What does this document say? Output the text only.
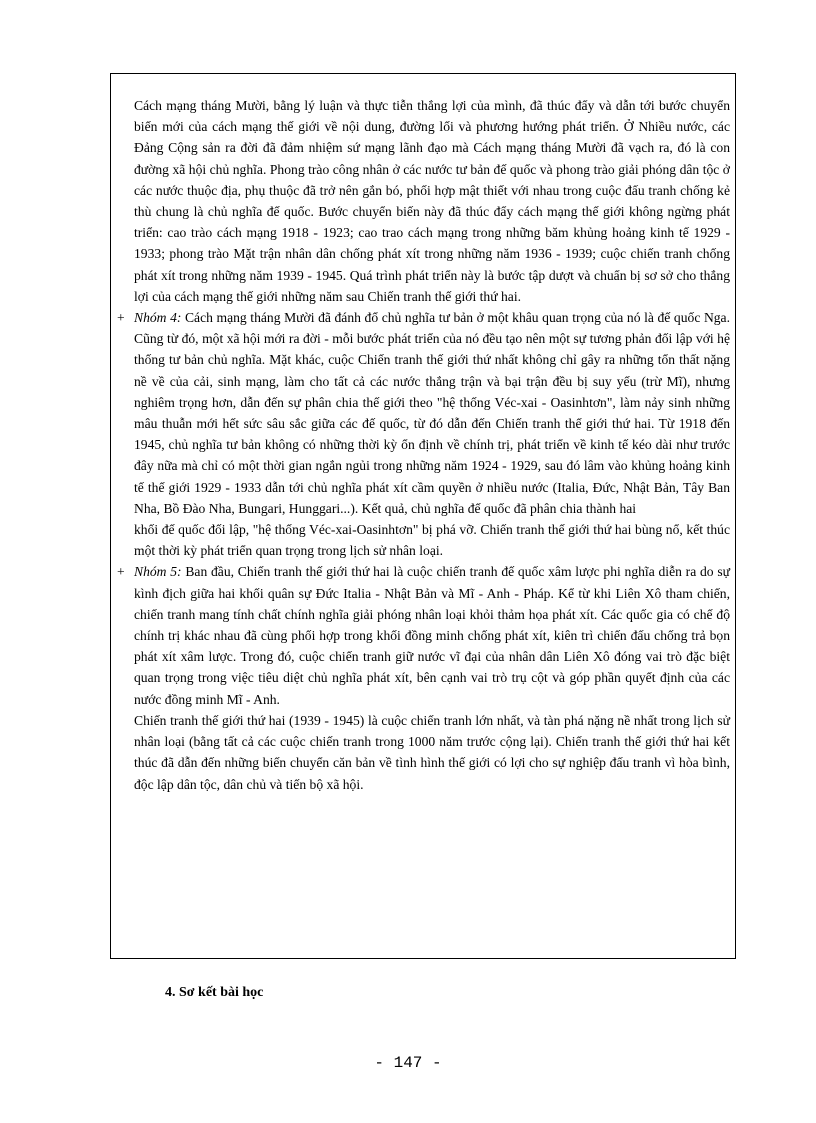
Cách mạng tháng Mười, bằng lý luận và thực tiễn thắng lợi của mình, đã thúc đẩy và dẫn tới bước chuyển biến mới của cách mạng thế giới về nội dung, đường lối và phương hướng phát triển. Ở Nhiều nước, các Đảng Cộng sản ra đời đã đảm nhiệm sứ mạng lãnh đạo mà Cách mạng tháng Mười đã vạch ra, đó là con đường xã hội chủ nghĩa. Phong trào công nhân ở các nước tư bản đế quốc và phong trào giải phóng dân tộc ở các nước thuộc địa, phụ thuộc đã trở nên gắn bó, phối hợp mật thiết với nhau trong cuộc đấu tranh chống kẻ thù chung là chủ nghĩa đế quốc. Bước chuyển biến này đã thúc đẩy cách mạng thế giới không ngừng phát triển: cao trào cách mạng 1918 - 1923; cao trao cách mạng trong những băm khủng hoảng kinh tế 1929 - 1933; phong trào Mặt trận nhân dân chống phát xít trong những năm 1936 - 1939; cuộc chiến tranh chống phát xít trong những năm 1939 - 1945. Quá trình phát triển này là bước tập dượt và chuẩn bị sơ sở cho thắng lợi của cách mạng thế giới những năm sau Chiến tranh thế giới thứ hai.

+ Nhóm 4: Cách mạng tháng Mười đã đánh đổ chủ nghĩa tư bản ở một khâu quan trọng của nó là đế quốc Nga. Cũng từ đó, một xã hội mới ra đời - mỗi bước phát triển của nó đều tạo nên một sự tương phản đối lập với hệ thống tư bản chủ nghĩa. Mặt khác, cuộc Chiến tranh thế giới thứ nhất không chỉ gây ra những tổn thất nặng nề về của cải, sinh mạng, làm cho tất cả các nước thắng trận và bại trận đều bị suy yếu (trừ Mĩ), nhưng nghiêm trọng hơn, dẫn đến sự phân chia thế giới theo "hệ thống Véc-xai - Oasinhtơn", làm nảy sinh những mâu thuẫn mới hết sức sâu sắc giữa các đế quốc, từ đó dẫn đến Chiến tranh thế giới thứ hai. Từ 1918 đến 1945, chủ nghĩa tư bản không có những thời kỳ ổn định về chính trị, phát triển về kinh tế kéo dài như trước đây nữa mà chỉ có một thời gian ngắn ngủi trong những năm 1924 - 1929, sau đó lâm vào khủng hoảng kinh tế thế giới 1929 - 1933 dẫn tới chủ nghĩa phát xít cầm quyền ở nhiều nước (Italia, Đức, Nhật Bản, Tây Ban Nha, Bồ Đào Nha, Bungari, Hunggari...). Kết quả, chủ nghĩa đế quốc đã phân chia thành hai

khối đế quốc đối lập, "hệ thống Véc-xai-Oasinhtơn" bị phá vỡ. Chiến tranh thế giới thứ hai bùng nổ, kết thúc một thời kỳ phát triển quan trọng trong lịch sử nhân loại.

+ Nhóm 5: Ban đầu, Chiến tranh thế giới thứ hai là cuộc chiến tranh đế quốc xâm lược phi nghĩa diễn ra do sự kình địch giữa hai khối quân sự Đức Italia - Nhật Bản và Mĩ - Anh - Pháp. Kể từ khi Liên Xô tham chiến, chiến tranh mang tính chất chính nghĩa giải phóng nhân loại khỏi thảm họa phát xít. Các quốc gia có chế độ chính trị khác nhau đã cùng phối hợp trong khối đồng minh chống phát xít, kiên trì chiến đấu chống trả bọn phát xít xâm lược. Trong đó, cuộc chiến tranh giữ nước vĩ đại của nhân dân Liên Xô đóng vai trò đặc biệt quan trọng trong việc tiêu diệt chủ nghĩa phát xít, bên cạnh vai trò trụ cột và góp phần quyết định của các nước đồng minh Mĩ - Anh.

Chiến tranh thế giới thứ hai (1939 - 1945) là cuộc chiến tranh lớn nhất, và tàn phá nặng nề nhất trong lịch sử nhân loại (bằng tất cả các cuộc chiến tranh trong 1000 năm trước cộng lại). Chiến tranh thế giới thứ hai kết thúc đã dẫn đến những biến chuyển căn bản về tình hình thế giới có lợi cho sự nghiệp đấu tranh vì hòa bình, độc lập dân tộc, dân chủ và tiến bộ xã hội.

4. Sơ kết bài học
- 147 -
